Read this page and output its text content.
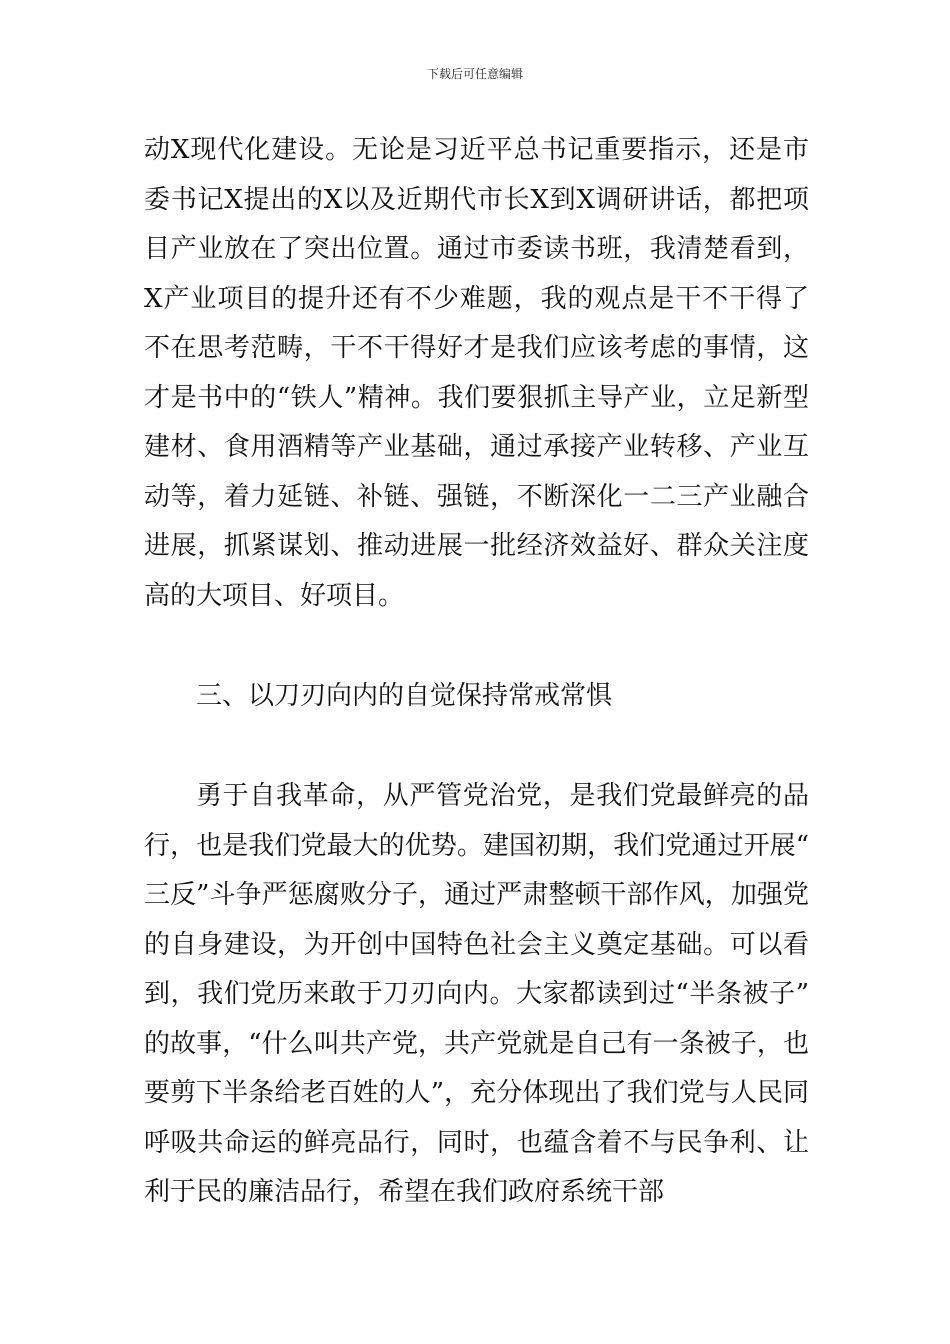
下载后可任意编辑
动X现代化建设。无论是习近平总书记重要指示，还是市委书记X提出的X以及近期代市长X到X调研讲话，都把项目产业放在了突出位置。通过市委读书班，我清楚看到，X产业项目的提升还有不少难题，我的观点是干不干得了不在思考范畴，干不干得好才是我们应该考虑的事情，这才是书中的“铁人”精神。我们要狠抓主导产业，立足新型建材、食用酒精等产业基础，通过承接产业转移、产业互动等，着力延链、补链、强链，不断深化一二三产业融合进展，抓紧谋划、推动进展一批经济效益好、群众关注度高的大项目、好项目。
三、以刀刃向内的自觉保持常戒常惧
勇于自我革命，从严管党治党，是我们党最鲜亮的品行，也是我们党最大的优势。建国初期，我们党通过开展“三反”斗争严惩腐败分子，通过严肃整顿干部作风，加强党的自身建设，为开创中国特色社会主义奠定基础。可以看到，我们党历来敢于刀刃向内。大家都读到过“半条被子”的故事，“什么叫共产党，共产党就是自己有一条被子，也要剪下半条给老百姓的人”，充分体现出了我们党与人民同呼吸共命运的鲜亮品行，同时，也蕴含着不与民争利、让利于民的廉洁品行，希望在我们政府系统干部
